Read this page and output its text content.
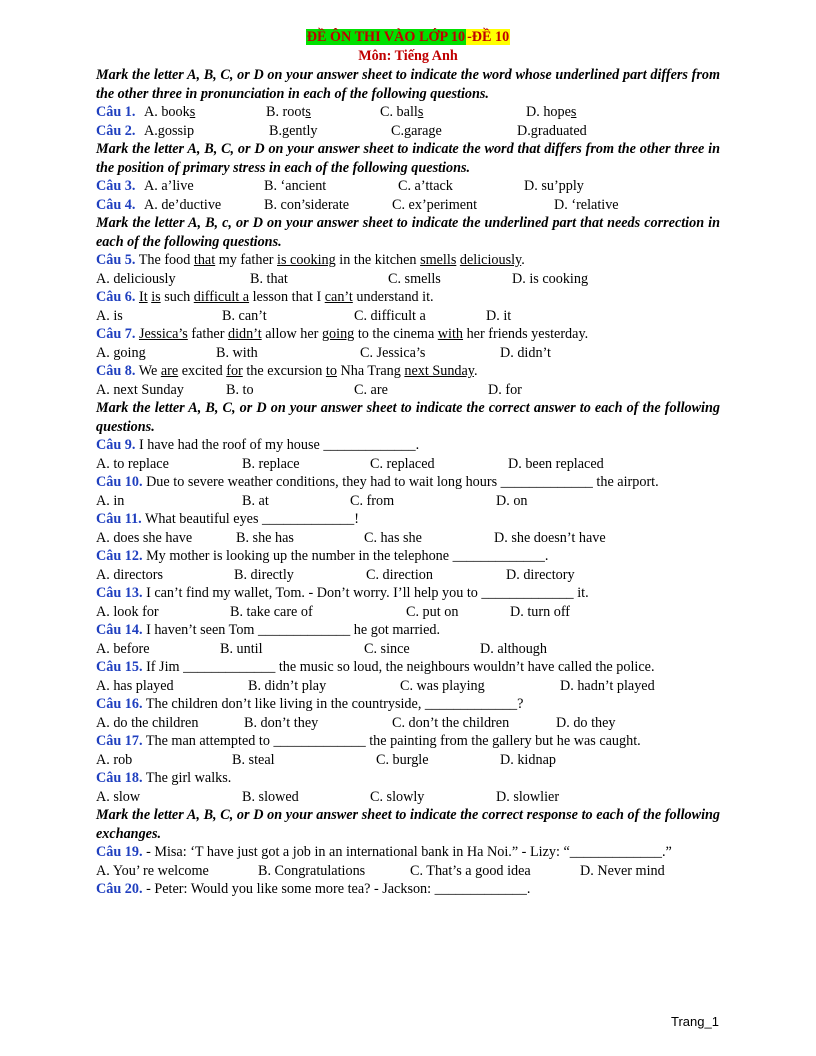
ĐỀ ÔN THI VÀO LỚP 10 -ĐỀ 10
Môn: Tiếng Anh
Mark the letter A, B, C, or D on your answer sheet to indicate the word whose underlined part differs from the other three in pronunciation in each of the following questions.
Câu 1. A. books	B. roots	C. balls	D. hopes
Câu 2. A.gossip	B.gently	C.garage	D.graduated
Mark the letter A, B, C, or D on your answer sheet to indicate the word that differs from the other three in the position of primary stress in each of the following questions.
Câu 3. A. a’live	B. ‘ancient	C. a’ttack	D. su’pply
Câu 4. A. de’ductive	B. con’siderate	C. ex’periment	D. ‘relative
Mark the letter A, B, c, or D on your answer sheet to indicate the underlined part that needs correction in each of the following questions.
Câu 5. The food that my father is cooking in the kitchen smells deliciously.
A. deliciously	B. that	C. smells	D. is cooking
Câu 6. It is such difficult a lesson that I can’t understand it.
A. is	B. can’t	C. difficult a	D. it
Câu 7. Jessica’s father didn’t allow her going to the cinema with her friends yesterday.
A. going	B. with	C. Jessica’s	D. didn’t
Câu 8. We are excited for the excursion to Nha Trang next Sunday.
A. next Sunday	B. to	C. are	D. for
Mark the letter A, B, C, or D on your answer sheet to indicate the correct answer to each of the following questions.
Câu 9. I have had the roof of my house _____________.
A. to replace	B. replace	C. replaced	D. been replaced
Câu 10. Due to severe weather conditions, they had to wait long hours _____________ the airport.
A. in	B. at	C. from	D. on
Câu 11. What beautiful eyes _____________!
A. does she have	B. she has	C. has she	D. she doesn’t have
Câu 12. My mother is looking up the number in the telephone _____________.
A. directors	B. directly	C. direction	D. directory
Câu 13. I can’t find my wallet, Tom. - Don’t worry. I’ll help you to _____________ it.
A. look for	B. take care of	C. put on	D. turn off
Câu 14. I haven’t seen Tom _____________ he got married.
A. before	B. until	C. since	D. although
Câu 15. If Jim _____________ the music so loud, the neighbours wouldn’t have called the police.
A. has played	B. didn’t play	C. was playing	D. hadn’t played
Câu 16. The children don’t like living in the countryside, _____________?
A. do the children	B. don’t they	C. don’t the children	D. do they
Câu 17. The man attempted to _____________ the painting from the gallery but he was caught.
A. rob	B. steal	C. burgle	D. kidnap
Câu 18. The girl walks.
A. slow	B. slowed	C. slowly	D. slowlier
Mark the letter A, B, C, or D on your answer sheet to indicate the correct response to each of the following exchanges.
Câu 19. - Misa: ‘T have just got a job in an international bank in Ha Noi.” - Lizy: “_____________.”
A. You’ re welcome	B. Congratulations	C. That’s a good idea	D. Never mind
Câu 20. - Peter: Would you like some more tea? - Jackson: _____________.
Trang_1
